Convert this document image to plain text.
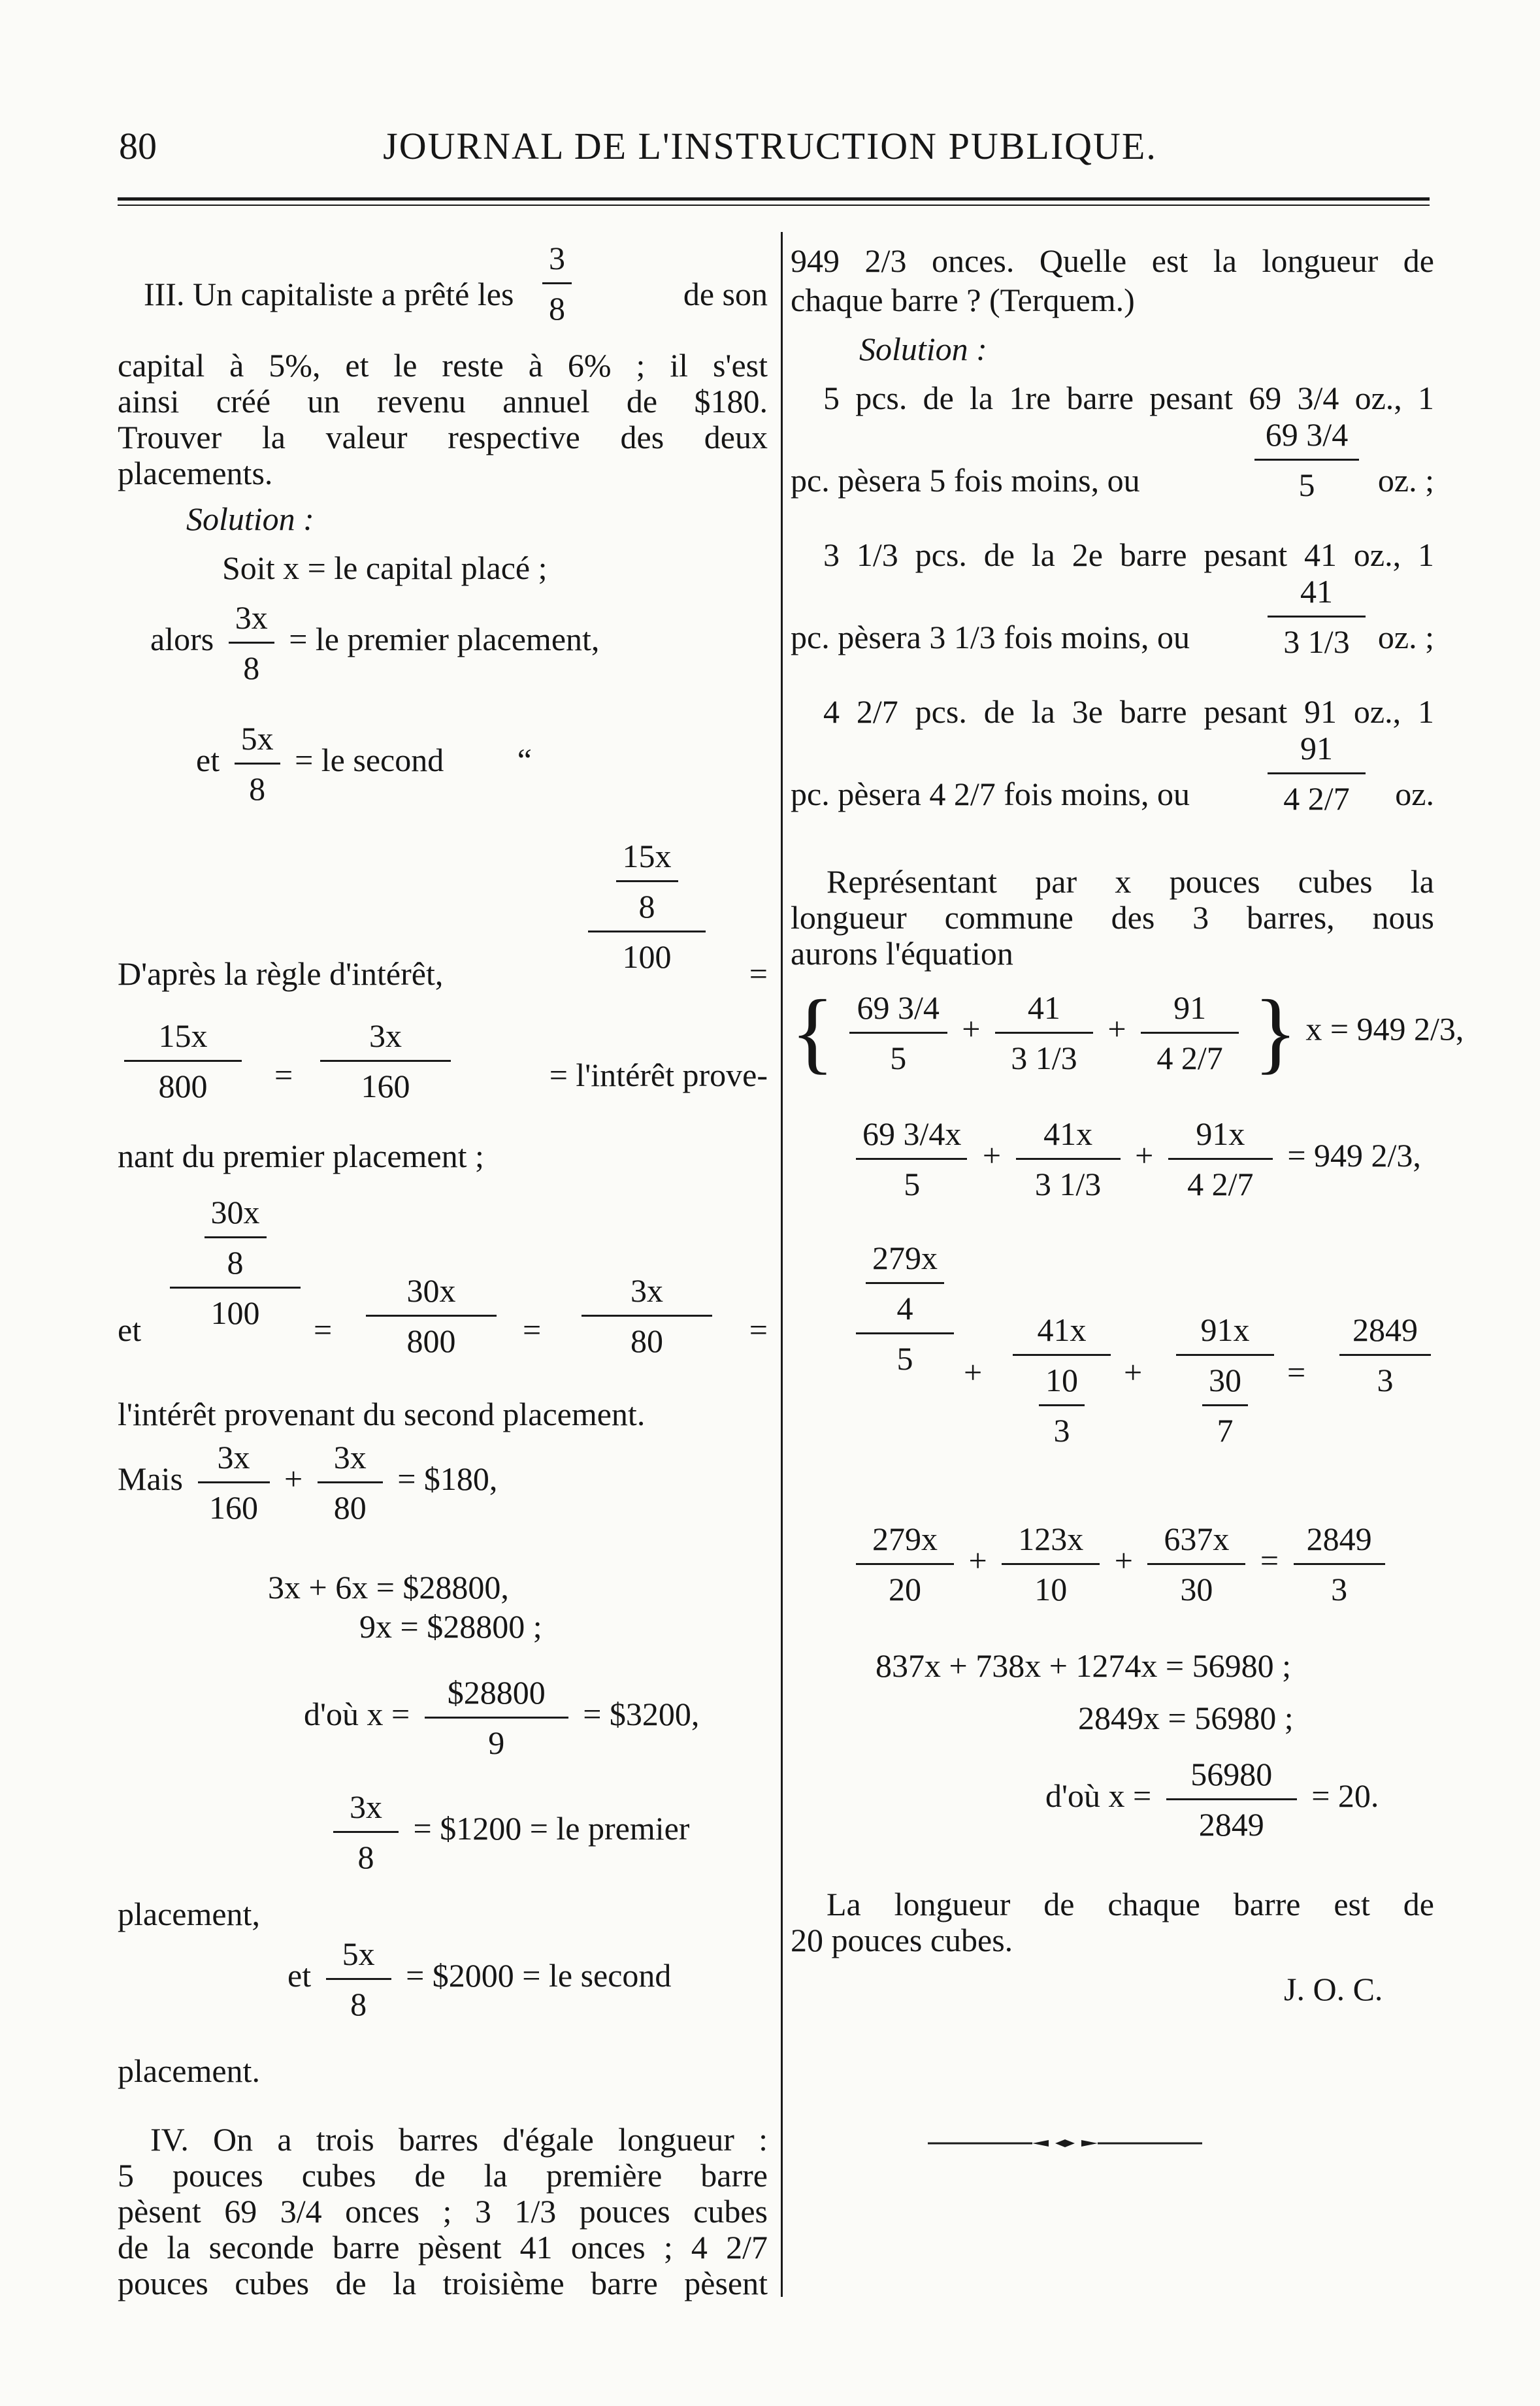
80	JOURNAL DE L'INSTRUCTION PUBLIQUE.
III. Un capitaliste a prêté les
3
8	de son
capital à 5%, et le reste à 6% ; il s'est
ainsi créé un revenu annuel de $180.
Trouver la valeur respective des deux
placements.
Solution :
Soit x = le capital placé ;
alors $\frac{3x}{8}$ = le premier placement,
et $\frac{5x}{8}$ = le second “
D'après la règle d'intérêt,
$\frac{15x}{8}$
100 =
15x
800 =
3x
160	= l'intérêt prove-
nant du premier placement ;
et
$\frac{30x}{8}$
100 =
30x
800 =
3x
80	=
l'intérêt provenant du second placement.
Mais $\frac{3x}{160} + \frac{3x}{80}$ = $180,
3x + 6x = $28800,
9x = $28800 ;
d'où $x = \frac{\$28800}{9}$ = $3200,
$\frac{3x}{8}$ = $1200 = le premier
placement,
et $\frac{5x}{8}$ = $2000 = le second
placement.
IV. On a trois barres d'égale longueur :
5 pouces cubes de la première barre
pèsent 69 3/4 onces ; 3 1/3 pouces cubes
de la seconde barre pèsent 41 onces ; 4 2/7
pouces cubes de la troisième barre pèsent
949 2/3 onces. Quelle est la longueur de
chaque barre ? (Terquem.)
Solution :
5 pcs. de la 1re barre pesant 69 3/4 oz., 1
pc. pèsera 5 fois moins, ou
69 3/4
5 oz. ;
3 1/3 pcs. de la 2e barre pesant 41 oz., 1
pc. pèsera 3 1/3 fois moins, ou
41
3 1/3 oz. ;
4 2/7 pcs. de la 3e barre pesant 91 oz., 1
pc. pèsera 4 2/7 fois moins, ou
91
4 2/7 oz.
Représentant par x pouces cubes la
longueur commune des 3 barres, nous
aurons l'équation
{ $\frac{69 3/4}{5} + \frac{41}{3 1/3} + \frac{91}{4 2/7}$ } x = 949 2/3,
$\frac{69 3/4x}{5} + \frac{41x}{3 1/3} + \frac{91x}{4 2/7} = 949$ 2/3,
$\frac{279x}{4}$
5 +
41x
$\frac{10}{3}$ +
91x
$\frac{30}{7}$ =
2849
3
$\frac{279x}{20} + \frac{123x}{10} + \frac{637x}{30} = \frac{2849}{3}$
837x + 738x + 1274x = 56980 ;
2849x = 56980 ;
d'où $x = \frac{56980}{2849} = 20$.
La longueur de chaque barre est de
20 pouces cubes.
J. O. C.
